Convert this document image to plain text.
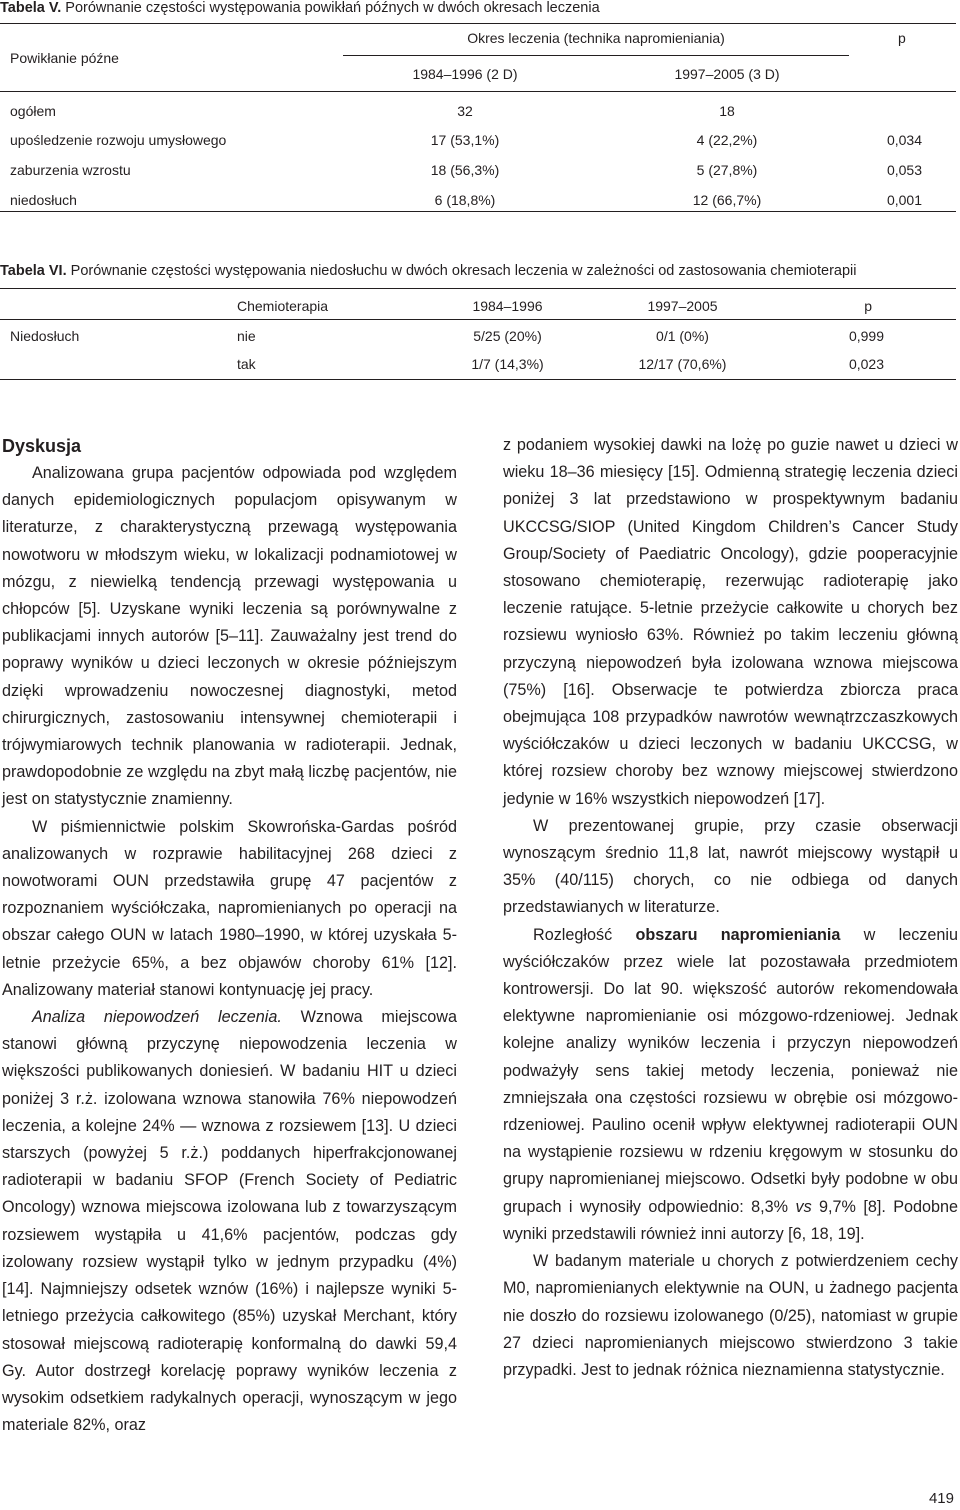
Tabela V. Porównanie częstości występowania powikłań późnych w dwóch okresach leczenia
Powikłanie późne
Okres leczenia (technika napromieniania)	p
1984–1996 (2 D)	1997–2005 (3 D)
ogółem	32		18	
upośledzenie rozwoju umysłowego	17 (53,1%)		4 (22,2%)	0,034
zaburzenia wzrostu	18 (56,3%)		5 (27,8%)	0,053
niedosłuch	6 (18,8%)		12 (66,7%)	0,001
Tabela VI. Porównanie częstości występowania niedosłuchu w dwóch okresach leczenia w zależności od zastosowania chemioterapii
	Chemioterapia	1984–1996	1997–2005	p
Niedosłuch	nie	5/25 (20%)	0/1 (0%)	0,999
	tak	1/7 (14,3%)	12/17 (70,6%)	0,023
Dyskusja

Analizowana grupa pacjentów odpowiada pod względem danych epidemiologicznych populacjom opisywanym w literaturze, z charakterystyczną przewagą występowania nowotworu w młodszym wieku, w lokalizacji podnamiotowej w mózgu, z niewielką tendencją przewagi występowania u chłopców [5]. Uzyskane wyniki leczenia są porównywalne z publikacjami innych autorów [5–11]. Zauważalny jest trend do poprawy wyników u dzieci leczonych w okresie późniejszym dzięki wprowadzeniu nowoczesnej diagnostyki, metod chirurgicznych, zastosowaniu intensywnej chemioterapii i trójwymiarowych technik planowania w radioterapii. Jednak, prawdopodobnie ze względu na zbyt małą liczbę pacjentów, nie jest on statystycznie znamienny.

W piśmiennictwie polskim Skowrońska-Gardas pośród analizowanych w rozprawie habilitacyjnej 268 dzieci z nowotworami OUN przedstawiła grupę 47 pacjentów z rozpoznaniem wyściółczaka, napromienianych po operacji na obszar całego OUN w latach 1980–1990, w której uzyskała 5-letnie przeżycie 65%, a bez objawów choroby 61% [12]. Analizowany materiał stanowi kontynuację jej pracy.

Analiza niepowodzeń leczenia. Wznowa miejscowa stanowi główną przyczynę niepowodzenia leczenia w większości publikowanych doniesień. W badaniu HIT u dzieci poniżej 3 r.ż. izolowana wznowa stanowiła 76% niepowodzeń leczenia, a kolejne 24% — wznowa z rozsiewem [13]. U dzieci starszych (powyżej 5 r.ż.) poddanych hiperfrakcjonowanej radioterapii w badaniu SFOP (French Society of Pediatric Oncology) wznowa miejscowa izolowana lub z towarzyszącym rozsiewem wystąpiła u 41,6% pacjentów, podczas gdy izolowany rozsiew wystąpił tylko w jednym przypadku (4%) [14]. Najmniejszy odsetek wznów (16%) i najlepsze wyniki 5-letniego przeżycia całkowitego (85%) uzyskał Merchant, który stosował miejscową radioterapię konformalną do dawki 59,4 Gy. Autor dostrzegł korelację poprawy wyników leczenia z wysokim odsetkiem radykalnych operacji, wynoszącym w jego materiale 82%, oraz

z podaniem wysokiej dawki na lożę po guzie nawet u dzieci w wieku 18–36 miesięcy [15]. Odmienną strategię leczenia dzieci poniżej 3 lat przedstawiono w prospektywnym badaniu UKCCSG/SIOP (United Kingdom Children’s Cancer Study Group/Society of Paediatric Oncology), gdzie pooperacyjnie stosowano chemioterapię, rezerwując radioterapię jako leczenie ratujące. 5-letnie przeżycie całkowite u chorych bez rozsiewu wyniosło 63%. Również po takim leczeniu główną przyczyną niepowodzeń była izolowana wznowa miejscowa (75%) [16]. Obserwacje te potwierdza zbiorcza praca obejmująca 108 przypadków nawrotów wewnątrzczaszkowych wyściółczaków u dzieci leczonych w badaniu UKCCSG, w której rozsiew choroby bez wznowy miejscowej stwierdzono jedynie w 16% wszystkich niepowodzeń [17].

W prezentowanej grupie, przy czasie obserwacji wynoszącym średnio 11,8 lat, nawrót miejscowy wystąpił u 35% (40/115) chorych, co nie odbiega od danych przedstawianych w literaturze.

Rozległość obszaru napromieniania w leczeniu wyściółczaków przez wiele lat pozostawała przedmiotem kontrowersji. Do lat 90. większość autorów rekomendowała elektywne napromienianie osi mózgowo-rdzeniowej. Jednak kolejne analizy wyników leczenia i przyczyn niepowodzeń podważyły sens takiej metody leczenia, ponieważ nie zmniejszała ona częstości rozsiewu w obrębie osi mózgowo-rdzeniowej. Paulino ocenił wpływ elektywnej radioterapii OUN na wystąpienie rozsiewu w rdzeniu kręgowym w stosunku do grupy napromienianej miejscowo. Odsetki były podobne w obu grupach i wynosiły odpowiednio: 8,3% vs 9,7% [8]. Podobne wyniki przedstawili również inni autorzy [6, 18, 19].

W badanym materiale u chorych z potwierdzeniem cechy M0, napromienianych elektywnie na OUN, u żadnego pacjenta nie doszło do rozsiewu izolowanego (0/25), natomiast w grupie 27 dzieci napromienianych miejscowo stwierdzono 3 takie przypadki. Jest to jednak różnica nieznamienna statystycznie.

419
